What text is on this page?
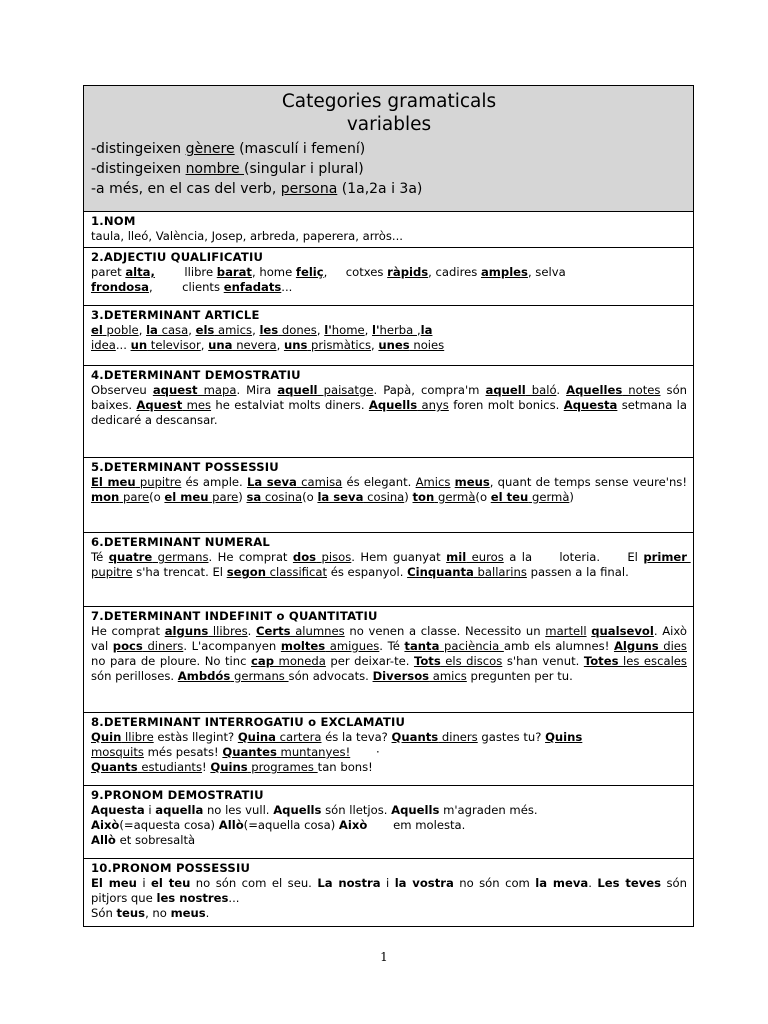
Categories gramaticals
variables
-distingeixen gènere (masculí i femení)
-distingeixen nombre (singular i plural)
-a més, en el cas del verb, persona (1a,2a i 3a)

1.NOM
taula, lleó, València, Josep, arbreda, paperera, arròs...

2.ADJECTIU QUALIFICATIU
paret alta,        llibre barat, home feliç,     cotxes ràpids, cadires amples, selva
frondosa,        clients enfadats...

3.DETERMINANT ARTICLE
el poble, la casa, els amics, les dones, l'home, l'herba ,la
idea... un televisor, una nevera, uns prismàtics, unes noies

4.DETERMINANT DEMOSTRATIU
Observeu aquest mapa. Mira aquell paisatge. Papà, compra'm aquell baló. Aquelles notes són baixes. Aquest mes he estalviat molts diners. Aquells anys foren molt bonics. Aquesta setmana la dedicaré a descansar.

5.DETERMINANT POSSESSIU
El meu pupitre és ample. La seva camisa és elegant. Amics meus, quant de temps sense veure'ns! mon pare(o el meu pare) sa cosina(o la seva cosina) ton germà(o el teu germà)

6.DETERMINANT NUMERAL
Té quatre germans. He comprat dos pisos. Hem guanyat mil euros a la     loteria.     El primer pupitre s'ha trencat. El segon classificat és espanyol. Cinquanta ballarins passen a la final.

7.DETERMINANT INDEFINIT o QUANTITATIU
He comprat alguns llibres. Certs alumnes no venen a classe. Necessito un martell qualsevol. Això val pocs diners. L'acompanyen moltes amigues. Té tanta paciència amb els alumnes! Alguns dies no para de ploure. No tinc cap moneda per deixar-te. Tots els discos s'han venut. Totes les escales són perilloses. Ambdós germans són advocats. Diversos amics pregunten per tu.

8.DETERMINANT INTERROGATIU o EXCLAMATIU
Quin llibre estàs llegint? Quina cartera és la teva? Quants diners gastes tu? Quins
mosquits més pesats! Quantes muntanyes!       ·
Quants estudiants! Quins programes tan bons!

9.PRONOM DEMOSTRATIU
Aquesta i aquella no les vull. Aquells són lletjos. Aquells m'agraden més.
Això(=aquesta cosa) Allò(=aquella cosa) Això       em molesta.
Allò et sobresaltà

10.PRONOM POSSESSIU
El meu i el teu no són com el seu. La nostra i la vostra no són com la meva. Les teves són pitjors que les nostres...
Són teus, no meus.
1
